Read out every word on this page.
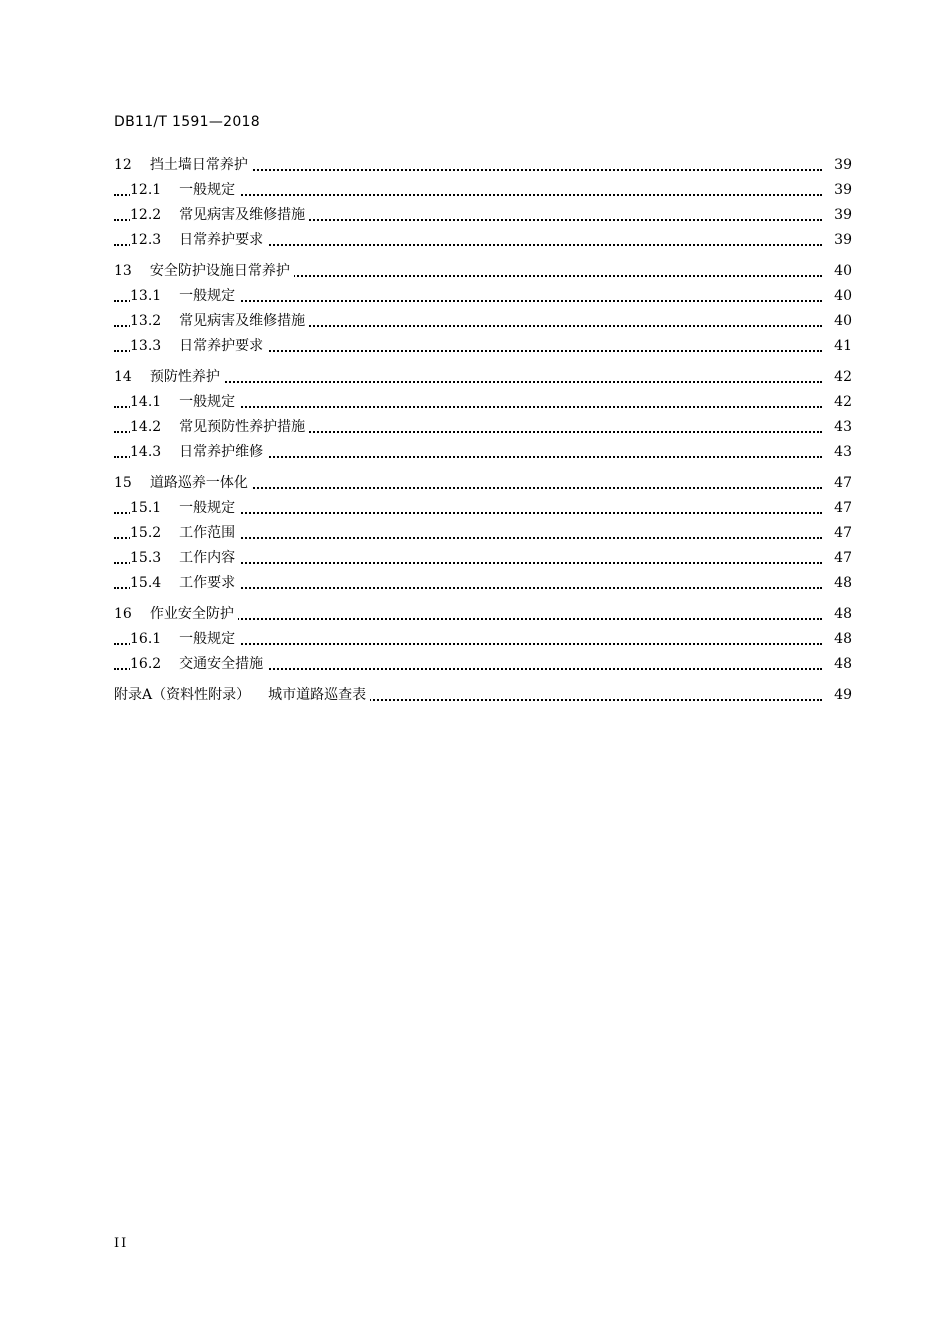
DB11/T 1591—2018
12 挡土墙日常养护	39
12.1 一般规定	39
12.2 常见病害及维修措施	39
12.3 日常养护要求	39
13 安全防护设施日常养护	40
13.1 一般规定	40
13.2 常见病害及维修措施	40
13.3 日常养护要求	41
14 预防性养护	42
14.1 一般规定	42
14.2 常见预防性养护措施	43
14.3 日常养护维修	43
15 道路巡养一体化	47
15.1 一般规定	47
15.2 工作范围	47
15.3 工作内容	47
15.4 工作要求	48
16 作业安全防护	48
16.1 一般规定	48
16.2 交通安全措施	48
附录A（资料性附录） 城市道路巡查表	49
II
